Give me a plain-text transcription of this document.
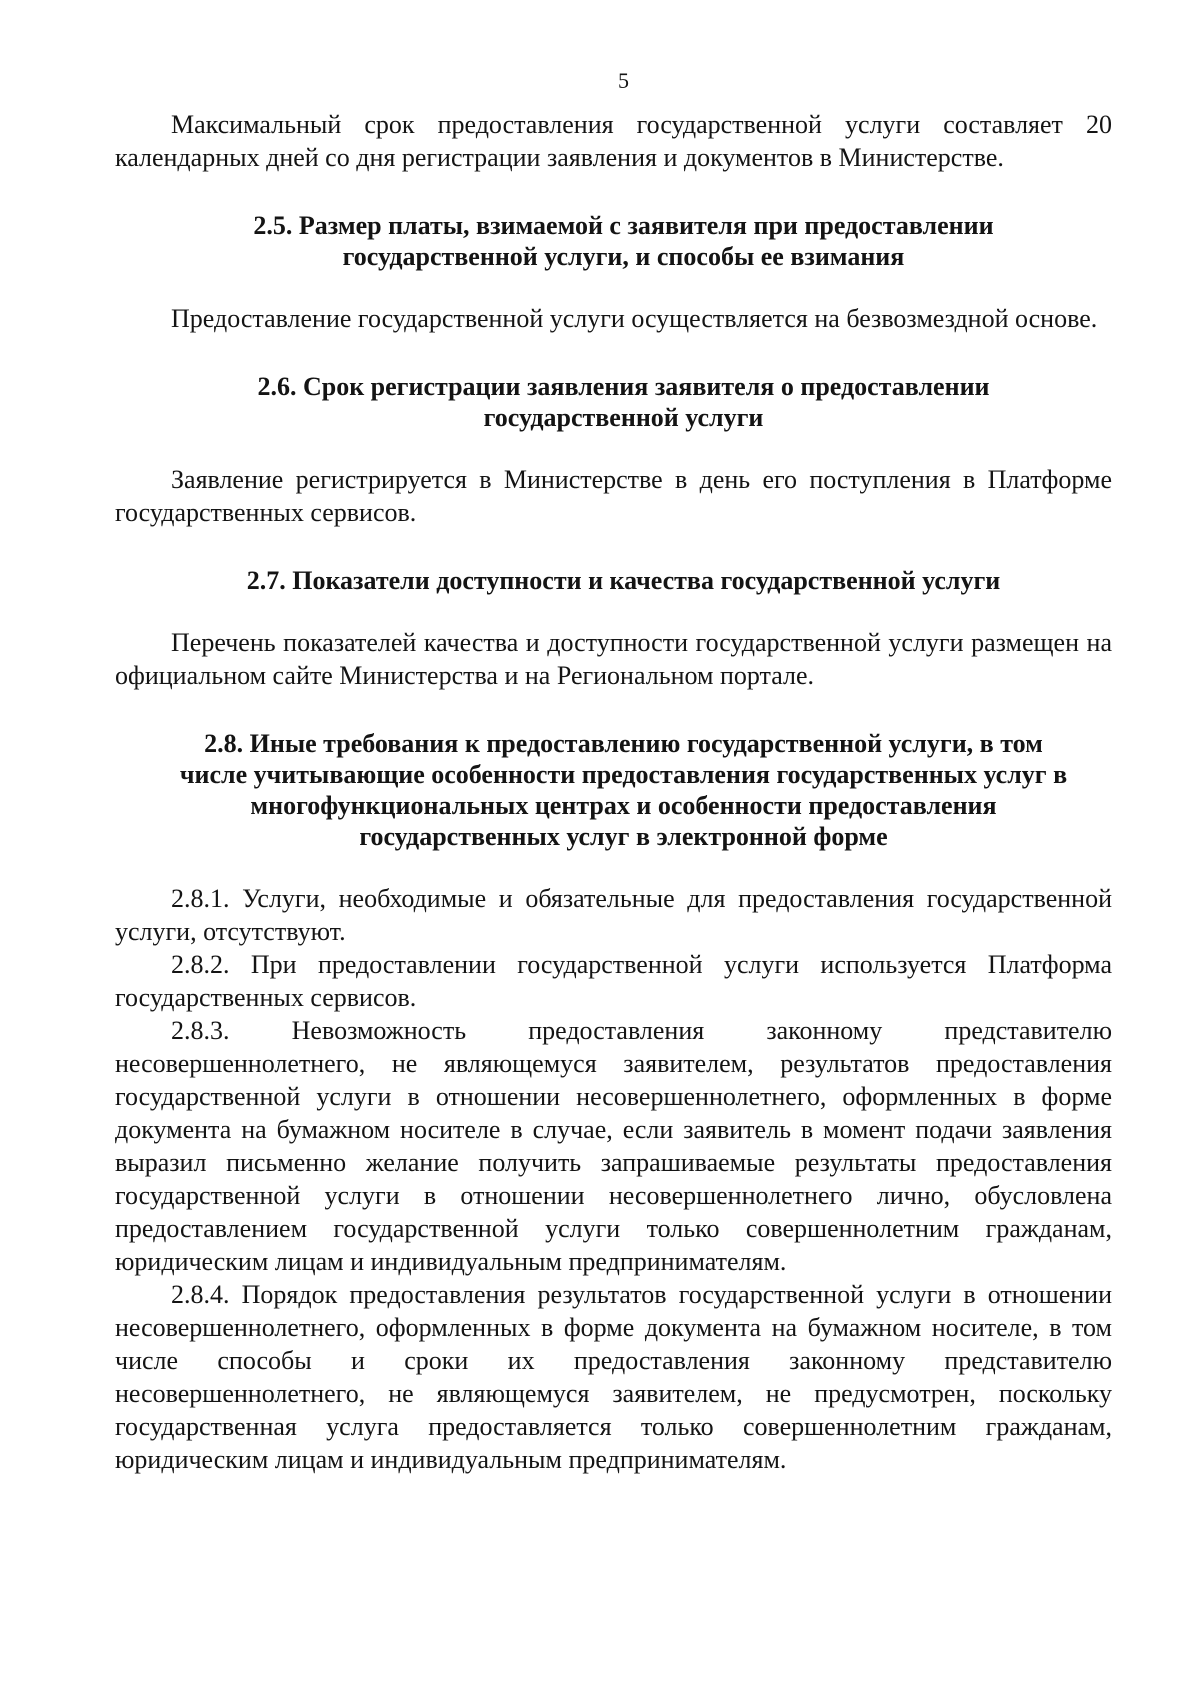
5

Максимальный срок предоставления государственной услуги составляет 20 календарных дней со дня регистрации заявления и документов в Министерстве.

2.5. Размер платы, взимаемой с заявителя при предоставлении
государственной услуги, и способы ее взимания

Предоставление государственной услуги осуществляется на безвозмездной основе.

2.6. Срок регистрации заявления заявителя о предоставлении
государственной услуги

Заявление регистрируется в Министерстве в день его поступления в Платформе государственных сервисов.

2.7. Показатели доступности и качества государственной услуги

Перечень показателей качества и доступности государственной услуги размещен на официальном сайте Министерства и на Региональном портале.

2.8. Иные требования к предоставлению государственной услуги, в том
числе учитывающие особенности предоставления государственных услуг в
многофункциональных центрах и особенности предоставления
государственных услуг в электронной форме

2.8.1. Услуги, необходимые и обязательные для предоставления государственной услуги, отсутствуют.

2.8.2. При предоставлении государственной услуги используется Платформа государственных сервисов.

2.8.3. Невозможность предоставления законному представителю несовершеннолетнего, не являющемуся заявителем, результатов предоставления государственной услуги в отношении несовершеннолетнего, оформленных в форме документа на бумажном носителе в случае, если заявитель в момент подачи заявления выразил письменно желание получить запрашиваемые результаты предоставления государственной услуги в отношении несовершеннолетнего лично, обусловлена предоставлением государственной услуги только совершеннолетним гражданам, юридическим лицам и индивидуальным предпринимателям.

2.8.4. Порядок предоставления результатов государственной услуги в отношении несовершеннолетнего, оформленных в форме документа на бумажном носителе, в том числе способы и сроки их предоставления законному представителю несовершеннолетнего, не являющемуся заявителем, не предусмотрен, поскольку государственная услуга предоставляется только совершеннолетним гражданам, юридическим лицам и индивидуальным предпринимателям.
